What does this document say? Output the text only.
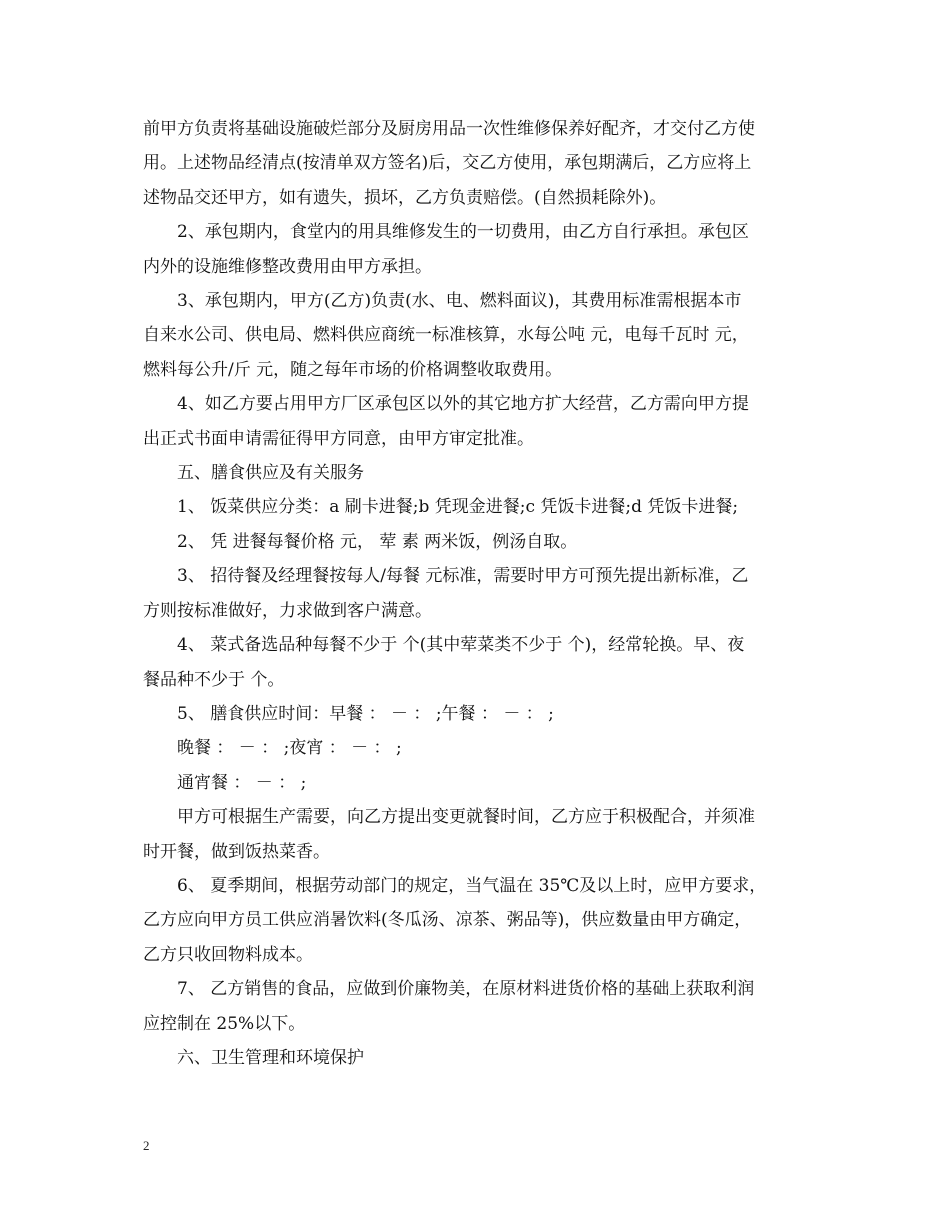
前甲方负责将基础设施破烂部分及厨房用品一次性维修保养好配齐，才交付乙方使

用。上述物品经清点(按清单双方签名)后，交乙方使用，承包期满后，乙方应将上

述物品交还甲方，如有遗失，损坏，乙方负责赔偿。(自然损耗除外)。

2、承包期内，食堂内的用具维修发生的一切费用，由乙方自行承担。承包区

内外的设施维修整改费用由甲方承担。

3、承包期内，甲方(乙方)负责(水、电、燃料面议)，其费用标准需根据本市

自来水公司、供电局、燃料供应商统一标准核算，水每公吨 元，电每千瓦时 元，

燃料每公升/斤 元，随之每年市场的价格调整收取费用。

4、如乙方要占用甲方厂区承包区以外的其它地方扩大经营，乙方需向甲方提

出正式书面申请需征得甲方同意，由甲方审定批准。

五、膳食供应及有关服务

1、 饭菜供应分类：a 刷卡进餐;b 凭现金进餐;c 凭饭卡进餐;d 凭饭卡进餐;

2、 凭 进餐每餐价格 元， 荤 素 两米饭，例汤自取。

3、 招待餐及经理餐按每人/每餐 元标准，需要时甲方可预先提出新标准，乙

方则按标准做好，力求做到客户满意。

4、 菜式备选品种每餐不少于 个(其中荤菜类不少于 个)，经常轮换。早、夜

餐品种不少于 个。

5、 膳食供应时间：早餐 ： － ： ;午餐 ： － ： ;

晚餐 ： － ： ;夜宵 ： － ： ;

通宵餐 ： － ： ;

甲方可根据生产需要，向乙方提出变更就餐时间，乙方应于积极配合，并须准

时开餐，做到饭热菜香。

6、 夏季期间，根据劳动部门的规定，当气温在 35℃及以上时，应甲方要求，

乙方应向甲方员工供应消暑饮料(冬瓜汤、凉茶、粥品等)，供应数量由甲方确定，

乙方只收回物料成本。

7、 乙方销售的食品，应做到价廉物美，在原材料进货价格的基础上获取利润

应控制在 25%以下。

六、卫生管理和环境保护

2
